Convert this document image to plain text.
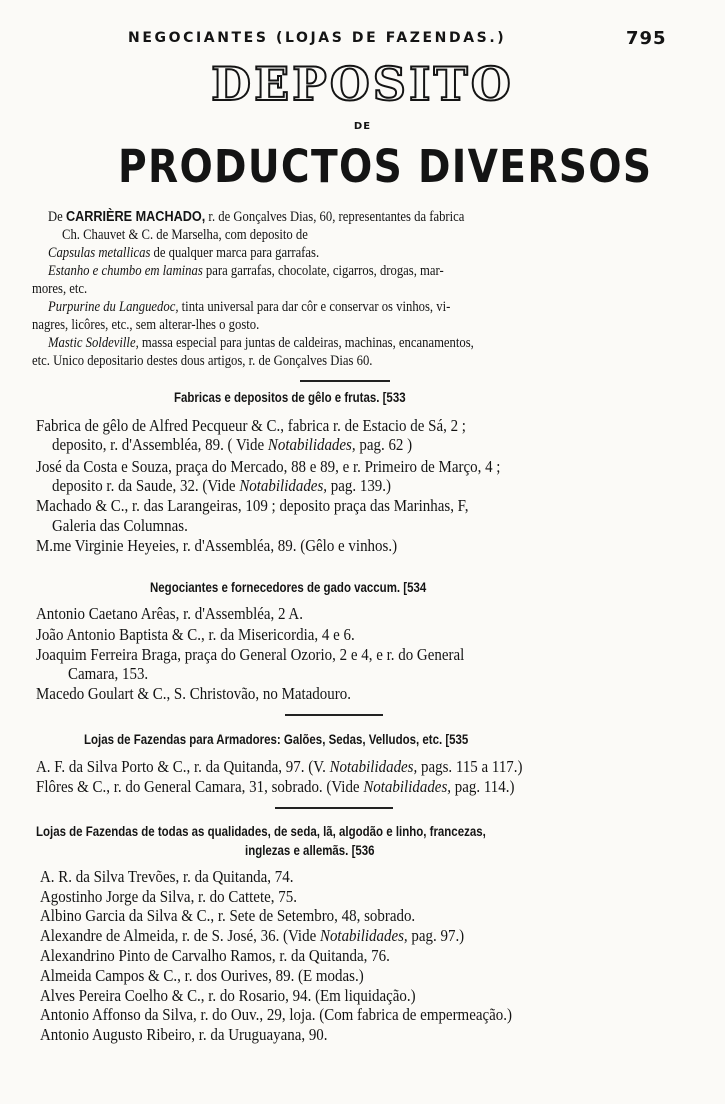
NEGOCIANTES (LOJAS DE FAZENDAS.)	795
DEPOSITO
DE
PRODUCTOS DIVERSOS
De CARRIÈRE MACHADO, r. de Gonçalves Dias, 60, representantes da fabrica
Ch. Chauvet & C. de Marselha, com deposito de
Capsulas metallicas de qualquer marca para garrafas.
Estanho e chumbo em laminas para garrafas, chocolate, cigarros, drogas, mar-
mores, etc.
Purpurine du Languedoc, tinta universal para dar côr e conservar os vinhos, vi-
nagres, licôres, etc., sem alterar-lhes o gosto.
Mastic Soldeville, massa especial para juntas de caldeiras, machinas, encanamentos,
etc. Unico depositario destes dous artigos, r. de Gonçalves Dias 60.
Fabricas e depositos de gêlo e frutas. [533
Fabrica de gêlo de Alfred Pecqueur & C., fabrica r. de Estacio de Sá, 2 ;
deposito, r. d'Assembléa, 89. ( Vide Notabilidades, pag. 62 )
José da Costa e Souza, praça do Mercado, 88 e 89, e r. Primeiro de Março, 4 ;
deposito r. da Saude, 32. (Vide Notabilidades, pag. 139.)
Machado & C., r. das Larangeiras, 109 ; deposito praça das Marinhas, F,
Galeria das Columnas.
M.me Virginie Heyeies, r. d'Assembléa, 89. (Gêlo e vinhos.)
Negociantes e fornecedores de gado vaccum. [534
Antonio Caetano Arêas, r. d'Assembléa, 2 A.
João Antonio Baptista & C., r. da Misericordia, 4 e 6.
Joaquim Ferreira Braga, praça do General Ozorio, 2 e 4, e r. do General
Camara, 153.
Macedo Goulart & C., S. Christovão, no Matadouro.
Lojas de Fazendas para Armadores: Galões, Sedas, Velludos, etc. [535
A. F. da Silva Porto & C., r. da Quitanda, 97. (V. Notabilidades, pags. 115 a 117.)
Flôres & C., r. do General Camara, 31, sobrado. (Vide Notabilidades, pag. 114.)
Lojas de Fazendas de todas as qualidades, de seda, lã, algodão e linho, francezas,
inglezas e allemãs. [536
A. R. da Silva Trevões, r. da Quitanda, 74.
Agostinho Jorge da Silva, r. do Cattete, 75.
Albino Garcia da Silva & C., r. Sete de Setembro, 48, sobrado.
Alexandre de Almeida, r. de S. José, 36. (Vide Notabilidades, pag. 97.)
Alexandrino Pinto de Carvalho Ramos, r. da Quitanda, 76.
Almeida Campos & C., r. dos Ourives, 89. (E modas.)
Alves Pereira Coelho & C., r. do Rosario, 94. (Em liquidação.)
Antonio Affonso da Silva, r. do Ouv., 29, loja. (Com fabrica de empermeação.)
Antonio Augusto Ribeiro, r. da Uruguayana, 90.
